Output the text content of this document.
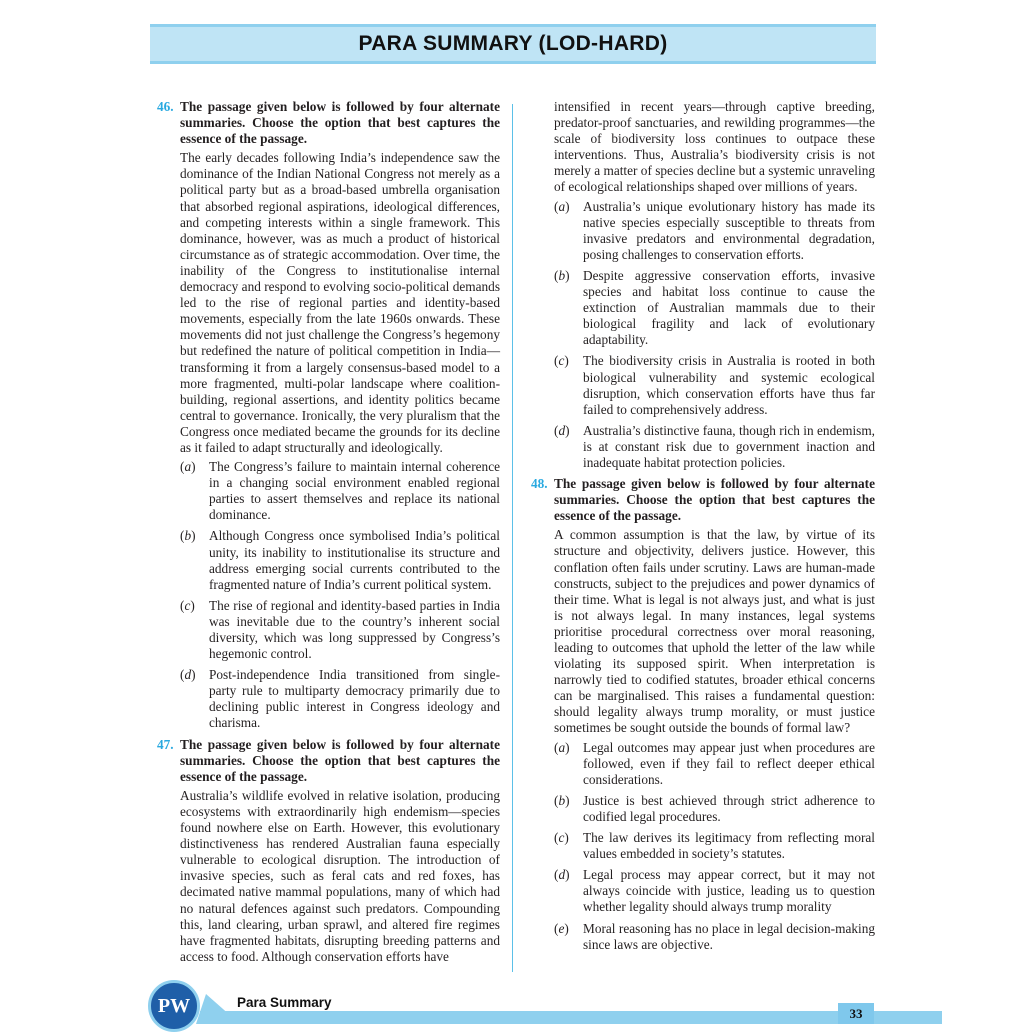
PARA SUMMARY (LOD-HARD)
46. The passage given below is followed by four alternate summaries. Choose the option that best captures the essence of the passage.

The early decades following India’s independence saw the dominance of the Indian National Congress not merely as a political party but as a broad-based umbrella organisation that absorbed regional aspirations, ideological differences, and competing interests within a single framework. This dominance, however, was as much a product of historical circumstance as of strategic accommodation. Over time, the inability of the Congress to institutionalise internal democracy and respond to evolving socio-political demands led to the rise of regional parties and identity-based movements, especially from the late 1960s onwards. These movements did not just challenge the Congress’s hegemony but redefined the nature of political competition in India—transforming it from a largely consensus-based model to a more fragmented, multi-polar landscape where coalition-building, regional assertions, and identity politics became central to governance. Ironically, the very pluralism that the Congress once mediated became the grounds for its decline as it failed to adapt structurally and ideologically.

(a)	The Congress’s failure to maintain internal coherence in a changing social environment enabled regional parties to assert themselves and replace its national dominance.
(b)	Although Congress once symbolised India’s political unity, its inability to institutionalise its structure and address emerging social currents contributed to the fragmented nature of India’s current political system.
(c)	The rise of regional and identity-based parties in India was inevitable due to the country’s inherent social diversity, which was long suppressed by Congress’s hegemonic control.
(d)	Post-independence India transitioned from single-party rule to multiparty democracy primarily due to declining public interest in Congress ideology and charisma.
47. The passage given below is followed by four alternate summaries. Choose the option that best captures the essence of the passage.

Australia’s wildlife evolved in relative isolation, producing ecosystems with extraordinarily high endemism—species found nowhere else on Earth. However, this evolutionary distinctiveness has rendered Australian fauna especially vulnerable to ecological disruption. The introduction of invasive species, such as feral cats and red foxes, has decimated native mammal populations, many of which had no natural defences against such predators. Compounding this, land clearing, urban sprawl, and altered fire regimes have fragmented habitats, disrupting breeding patterns and access to food. Although conservation efforts have

intensified in recent years—through captive breeding, predator-proof sanctuaries, and rewilding programmes—the scale of biodiversity loss continues to outpace these interventions. Thus, Australia’s biodiversity crisis is not merely a matter of species decline but a systemic unraveling of ecological relationships shaped over millions of years.

(a)	Australia’s unique evolutionary history has made its native species especially susceptible to threats from invasive predators and environmental degradation, posing challenges to conservation efforts.
(b)	Despite aggressive conservation efforts, invasive species and habitat loss continue to cause the extinction of Australian mammals due to their biological fragility and lack of evolutionary adaptability.
(c)	The biodiversity crisis in Australia is rooted in both biological vulnerability and systemic ecological disruption, which conservation efforts have thus far failed to comprehensively address.
(d)	Australia’s distinctive fauna, though rich in endemism, is at constant risk due to government inaction and inadequate habitat protection policies.
48. The passage given below is followed by four alternate summaries. Choose the option that best captures the essence of the passage.

A common assumption is that the law, by virtue of its structure and objectivity, delivers justice. However, this conflation often fails under scrutiny. Laws are human-made constructs, subject to the prejudices and power dynamics of their time. What is legal is not always just, and what is just is not always legal. In many instances, legal systems prioritise procedural correctness over moral reasoning, leading to outcomes that uphold the letter of the law while violating its supposed spirit. When interpretation is narrowly tied to codified statutes, broader ethical concerns can be marginalised. This raises a fundamental question: should legality always trump morality, or must justice sometimes be sought outside the bounds of formal law?

(a)	Legal outcomes may appear just when procedures are followed, even if they fail to reflect deeper ethical considerations.
(b)	Justice is best achieved through strict adherence to codified legal procedures.
(c)	The law derives its legitimacy from reflecting moral values embedded in society’s statutes.
(d)	Legal process may appear correct, but it may not always coincide with justice, leading us to question whether legality should always trump morality
(e)	Moral reasoning has no place in legal decision-making since laws are objective.
PW	Para Summary
33
